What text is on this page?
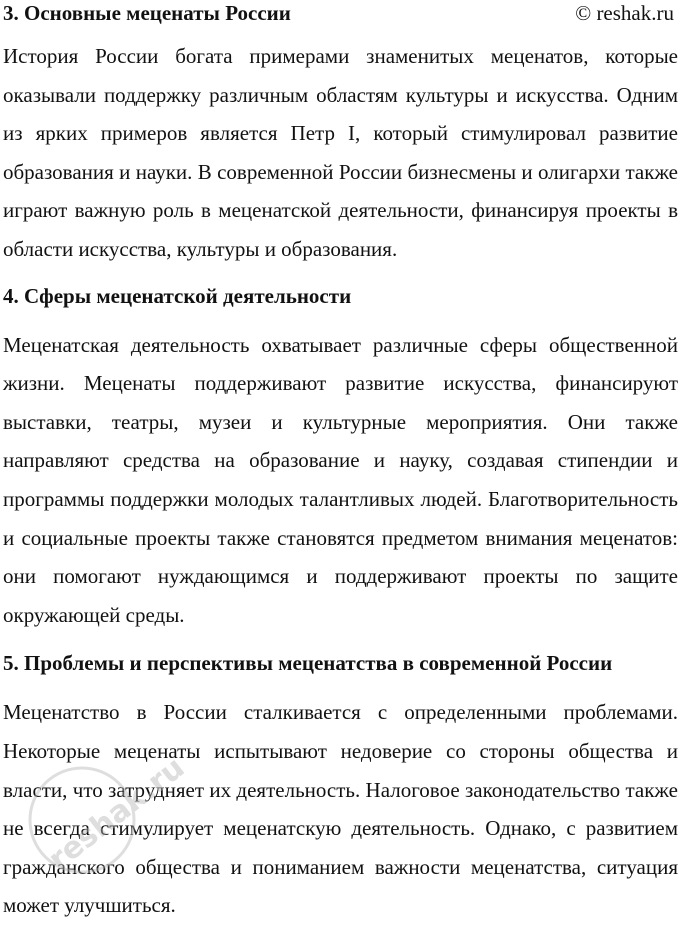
3. Основные меценаты России	© reshak.ru

История России богата примерами знаменитых меценатов, которые оказывали поддержку различным областям культуры и искусства. Одним из ярких примеров является Петр I, который стимулировал развитие образования и науки. В современной России бизнесмены и олигархи также играют важную роль в меценатской деятельности, финансируя проекты в области искусства, культуры и образования.

4. Сферы меценатской деятельности

Меценатская деятельность охватывает различные сферы общественной жизни. Меценаты поддерживают развитие искусства, финансируют выставки, театры, музеи и культурные мероприятия. Они также направляют средства на образование и науку, создавая стипендии и программы поддержки молодых талантливых людей. Благотворительность и социальные проекты также становятся предметом внимания меценатов: они помогают нуждающимся и поддерживают проекты по защите окружающей среды.

5. Проблемы и перспективы меценатства в современной России

Меценатство в России сталкивается с определенными проблемами. Некоторые меценаты испытывают недоверие со стороны общества и власти, что затрудняет их деятельность. Налоговое законодательство также не всегда стимулирует меценатскую деятельность. Однако, с развитием гражданского общества и пониманием важности меценатства, ситуация может улучшиться.

reshak.ru
